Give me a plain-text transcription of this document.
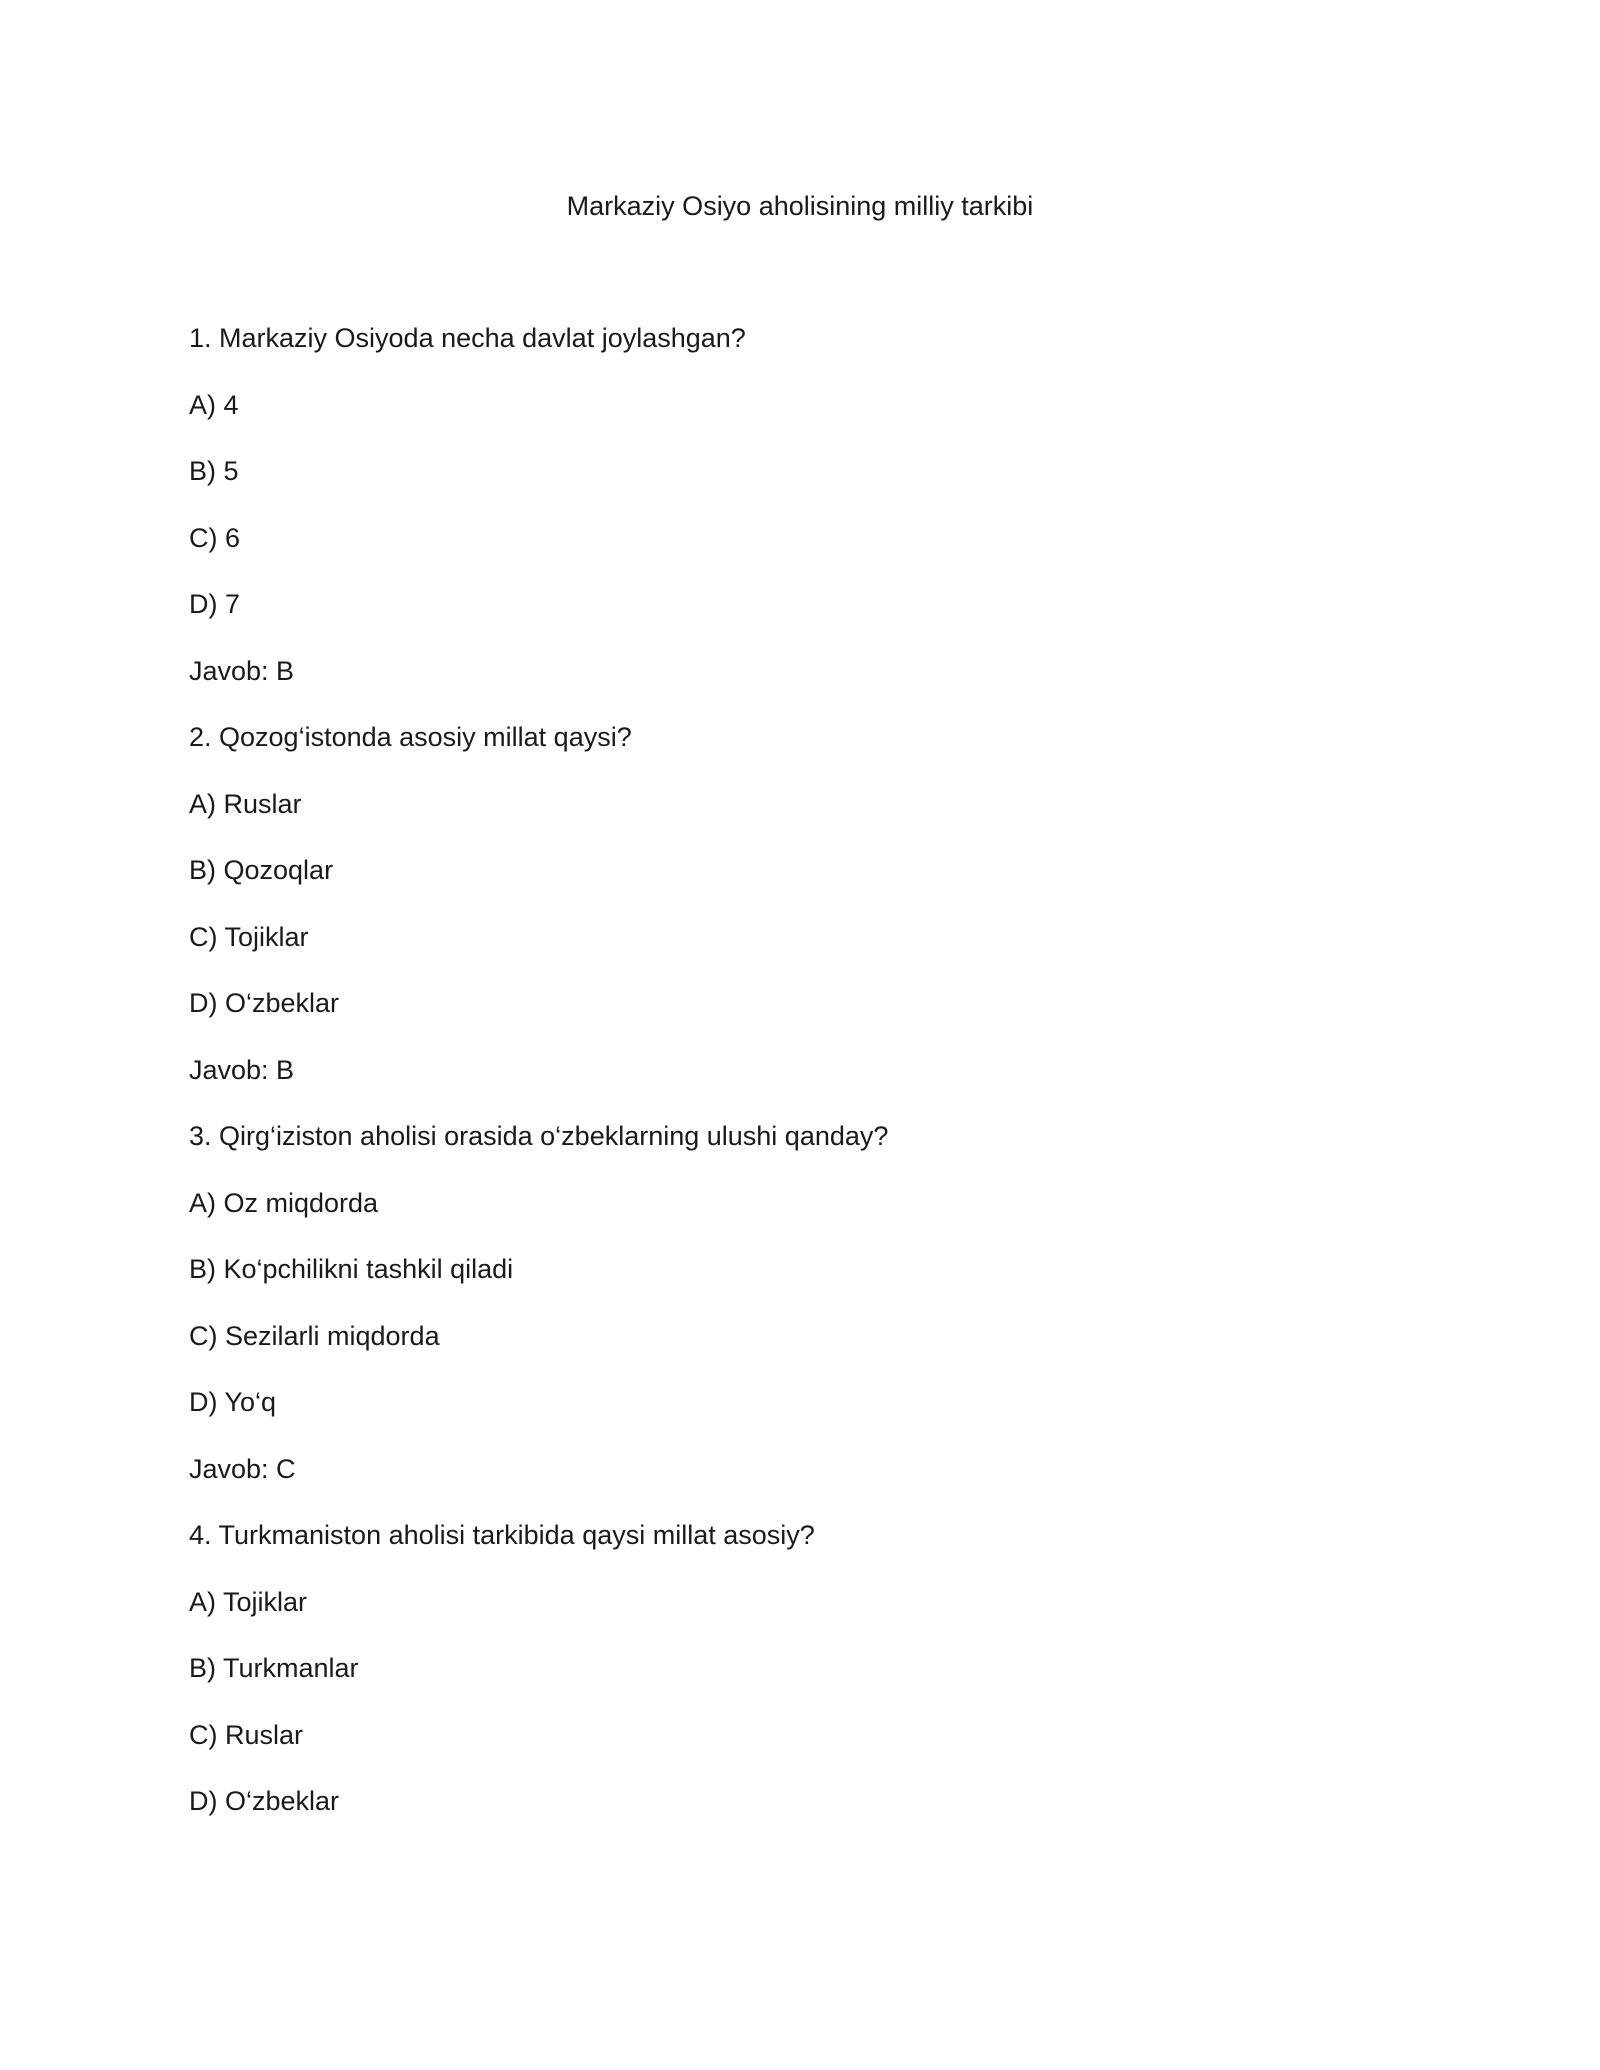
Markaziy Osiyo aholisining milliy tarkibi

1. Markaziy Osiyoda necha davlat joylashgan?

A) 4

B) 5

C) 6

D) 7

Javob: B

2. Qozog‘istonda asosiy millat qaysi?

A) Ruslar

B) Qozoqlar

C) Tojiklar

D) O‘zbeklar

Javob: B

3. Qirg‘iziston aholisi orasida o‘zbeklarning ulushi qanday?

A) Oz miqdorda

B) Ko‘pchilikni tashkil qiladi

C) Sezilarli miqdorda

D) Yo‘q

Javob: C

4. Turkmaniston aholisi tarkibida qaysi millat asosiy?

A) Tojiklar

B) Turkmanlar

C) Ruslar

D) O‘zbeklar
